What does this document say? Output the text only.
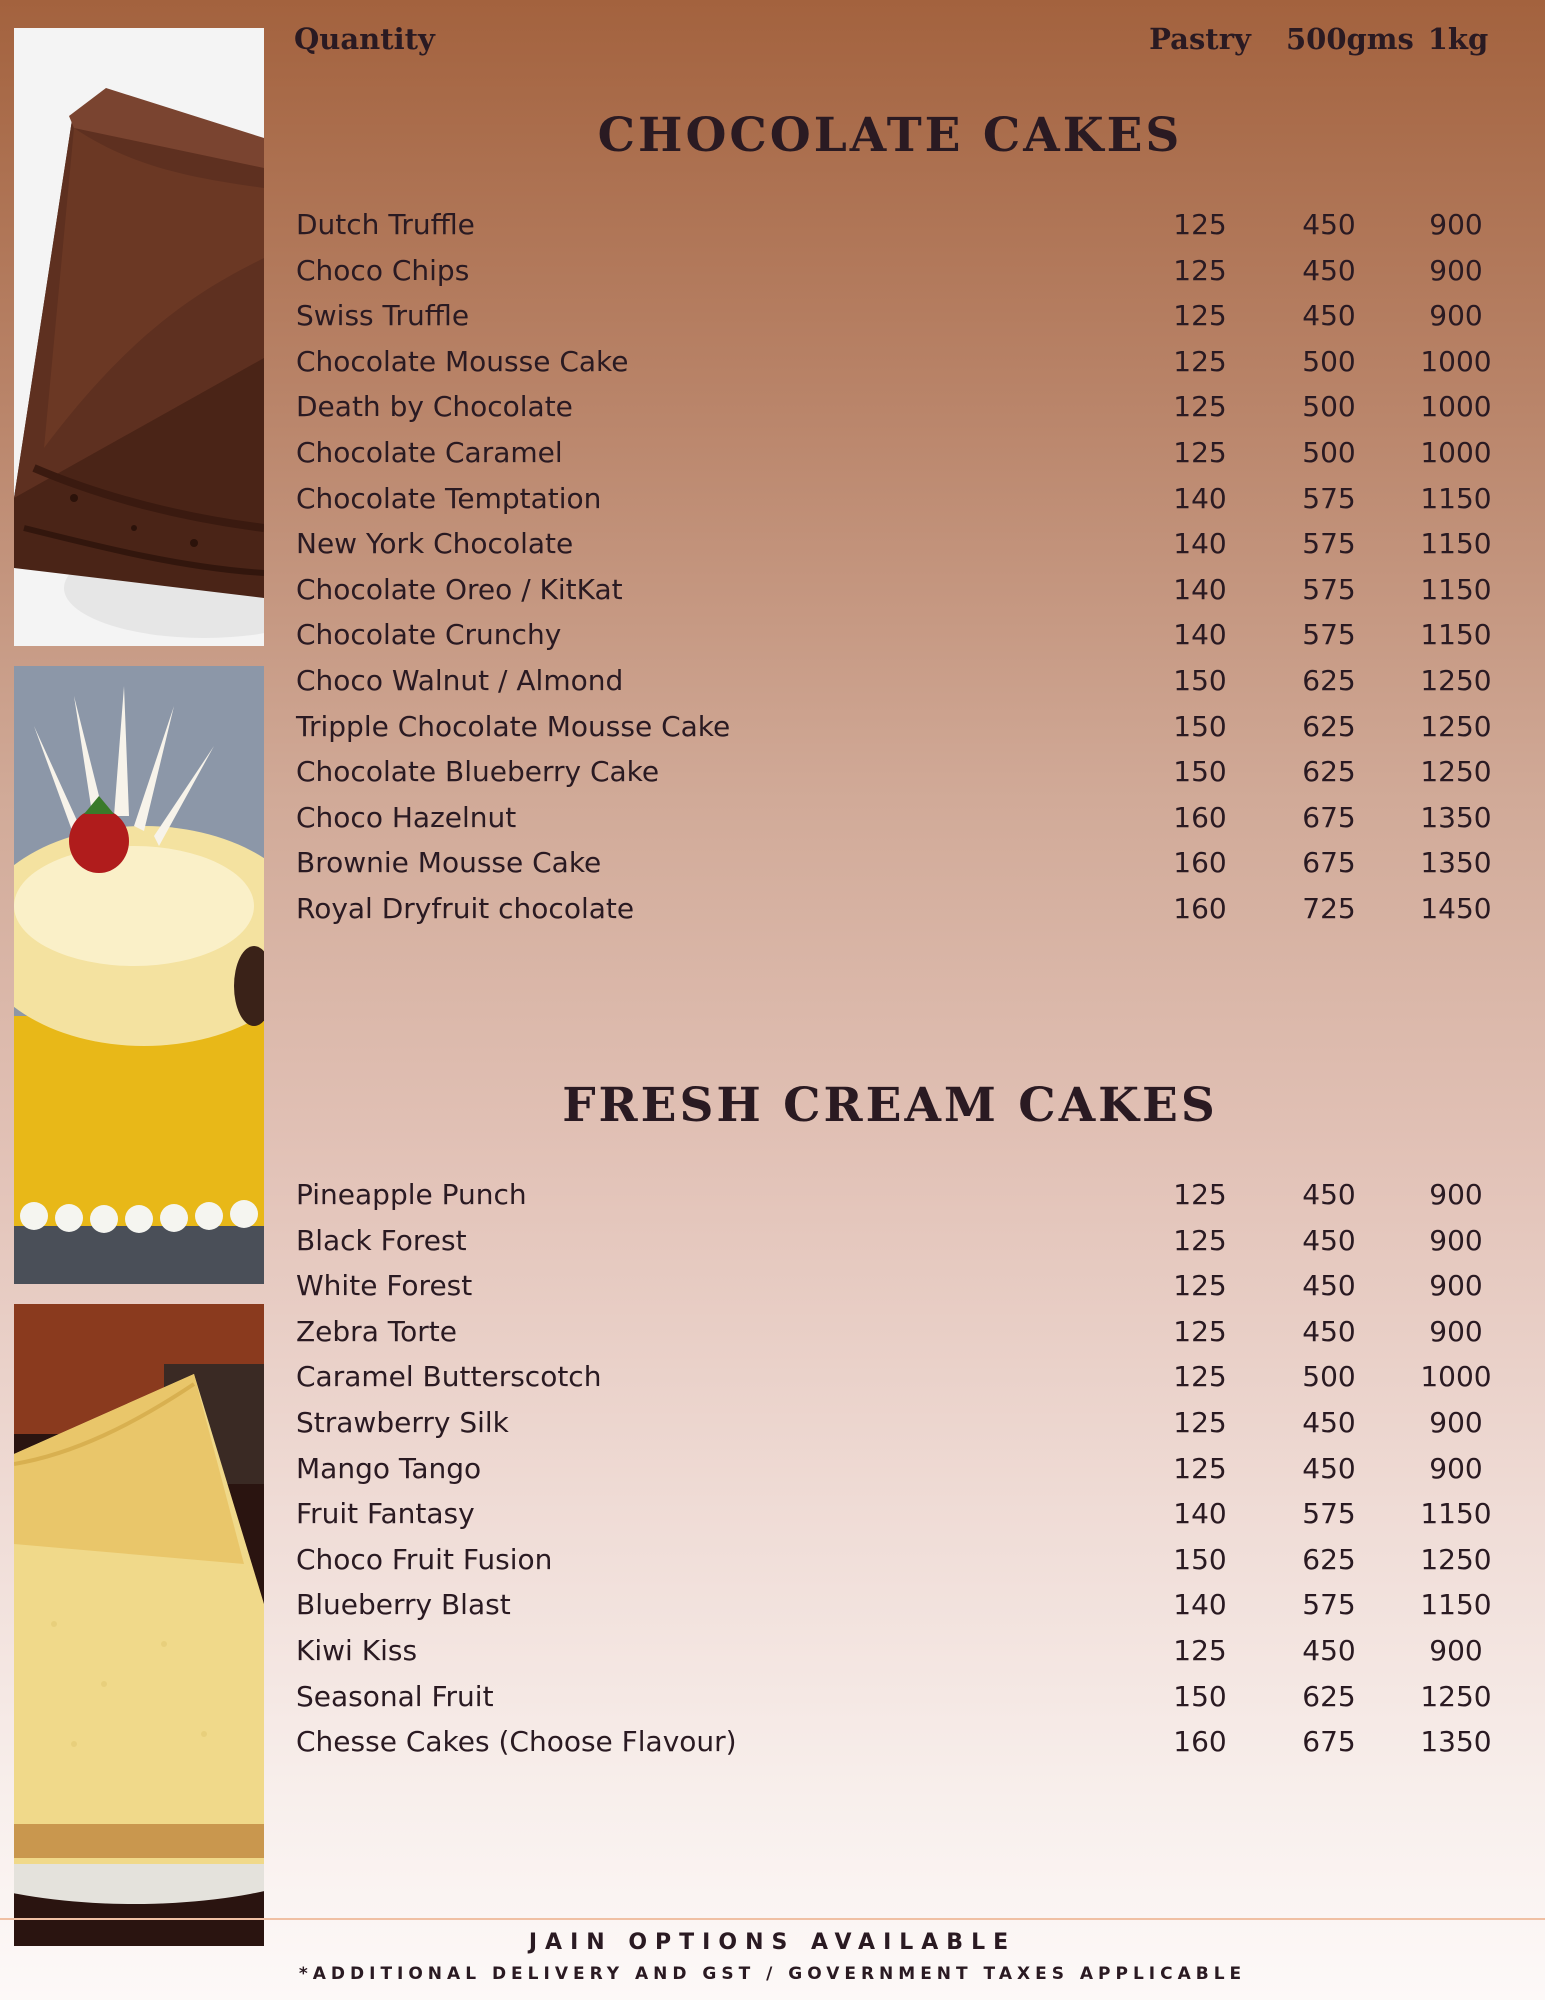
Quantity	Pastry	500gms 1kg
CHOCOLATE CAKES
Dutch Truffle	125	450	900
Choco Chips	125	450	900
Swiss Truffle	125	450	900
Chocolate Mousse Cake	125	500	1000
Death by Chocolate	125	500	1000
Chocolate Caramel	125	500	1000
Chocolate Temptation	140	575	1150
New York Chocolate	140	575	1150
Chocolate Oreo / KitKat	140	575	1150
Chocolate Crunchy	140	575	1150
Choco Walnut / Almond	150	625	1250
Tripple Chocolate Mousse Cake	150	625	1250
Chocolate Blueberry Cake	150	625	1250
Choco Hazelnut	160	675	1350
Brownie Mousse Cake	160	675	1350
Royal Dryfruit chocolate	160	725	1450
FRESH CREAM CAKES
Pineapple Punch	125	450	900
Black Forest	125	450	900
White Forest	125	450	900
Zebra Torte	125	450	900
Caramel Butterscotch	125	500	1000
Strawberry Silk	125	450	900
Mango Tango	125	450	900
Fruit Fantasy	140	575	1150
Choco Fruit Fusion	150	625	1250
Blueberry Blast	140	575	1150
Kiwi Kiss	125	450	900
Seasonal Fruit	150	625	1250
Chesse Cakes (Choose Flavour)	160	675	1350
JAIN OPTIONS AVAILABLE
*ADDITIONAL DELIVERY AND GST / GOVERNMENT TAXES APPLICABLE
